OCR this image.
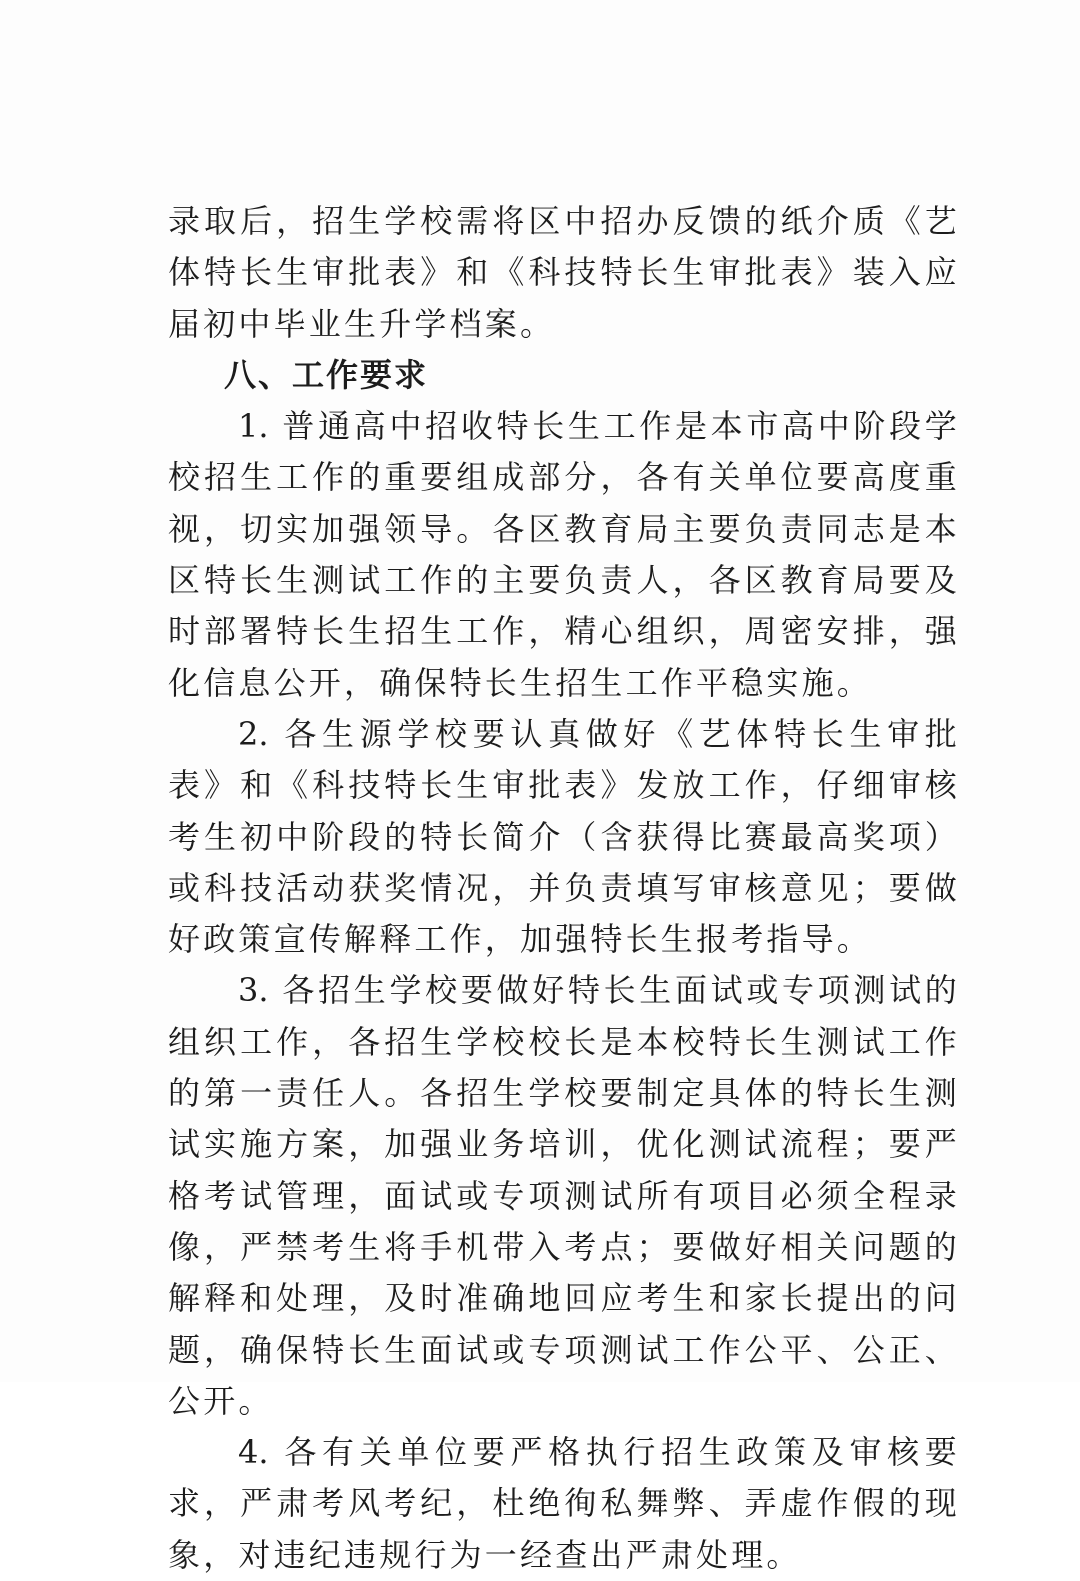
录取后，招生学校需将区中招办反馈的纸介质《艺体特长生审批表》和《科技特长生审批表》装入应届初中毕业生升学档案。

八、工作要求

1. 普通高中招收特长生工作是本市高中阶段学校招生工作的重要组成部分，各有关单位要高度重视，切实加强领导。各区教育局主要负责同志是本区特长生测试工作的主要负责人，各区教育局要及时部署特长生招生工作，精心组织，周密安排，强化信息公开，确保特长生招生工作平稳实施。

2. 各生源学校要认真做好《艺体特长生审批表》和《科技特长生审批表》发放工作，仔细审核考生初中阶段的特长简介（含获得比赛最高奖项）或科技活动获奖情况，并负责填写审核意见；要做好政策宣传解释工作，加强特长生报考指导。

3. 各招生学校要做好特长生面试或专项测试的组织工作，各招生学校校长是本校特长生测试工作的第一责任人。各招生学校要制定具体的特长生测试实施方案，加强业务培训，优化测试流程；要严格考试管理，面试或专项测试所有项目必须全程录像，严禁考生将手机带入考点；要做好相关问题的解释和处理，及时准确地回应考生和家长提出的问题，确保特长生面试或专项测试工作公平、公正、公开。

4. 各有关单位要严格执行招生政策及审核要求，严肃考风考纪，杜绝徇私舞弊、弄虚作假的现象，对违纪违规行为一经查出严肃处理。
